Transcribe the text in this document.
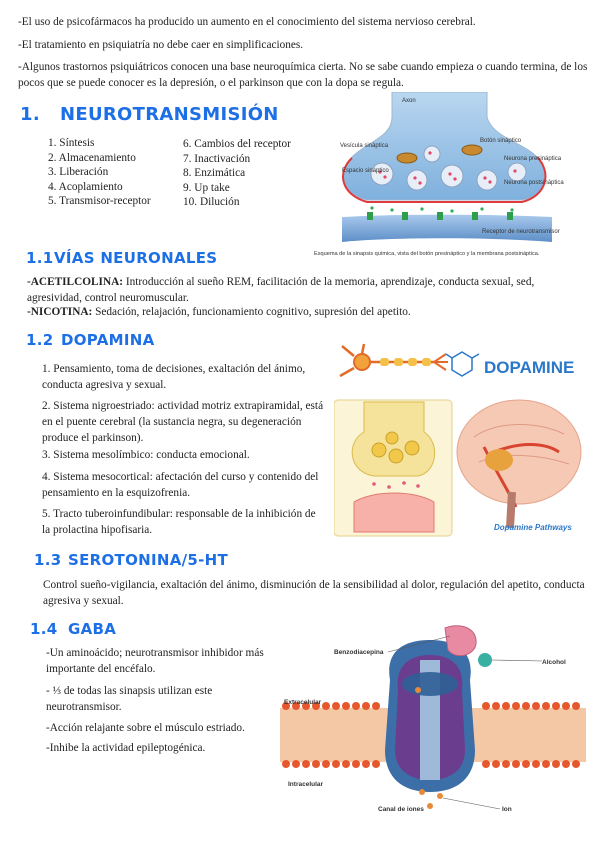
-El uso de psicofármacos ha producido un aumento en el conocimiento del sistema nervioso cerebral.
-El tratamiento en psiquiatría no debe caer en simplificaciones.
-Algunos trastornos psiquiátricos conocen una base neuroquímica cierta. No se sabe cuando empieza o cuando termina, de los pocos que se puede conocer es la depresión, o el parkinson que con la dopa se regula.
1. NEUROTRANSMISIÓN
1. Síntesis
2. Almacenamiento
3. Liberación
4. Acoplamiento
5. Transmisor-receptor
6. Cambios del receptor
7. Inactivación
8. Enzimática
9. Up take
10. Dilución
Axon
Vesícula sináptica
Botón sináptico
Neurona presináptica
Espacio sináptico
Neurona postsináptica
Receptor de neurotransmisor
Esquema de la sinapsis química, vista del botón presináptico y la membrana postsináptica.
1.1 VÍAS NEURONALES
-ACETILCOLINA: Introducción al sueño REM, facilitación de la memoria, aprendizaje, conducta sexual, sed, agresividad, control neuromuscular.
-NICOTINA: Sedación, relajación, funcionamiento cognitivo, supresión del apetito.
1.2 DOPAMINA
1. Pensamiento, toma de decisiones, exaltación del ánimo, conducta agresiva y sexual.
2. Sistema nigroestriado: actividad motriz extrapiramidal, está en el puente cerebral (la sustancia negra, su degeneración produce el parkinson).
3. Sistema mesolímbico: conducta emocional.
4. Sistema mesocortical: afectación del curso y contenido del pensamiento en la esquizofrenia.
5. Tracto tuberoinfundibular: responsable de la inhibición de la prolactina hipofisaria.
DOPAMINE
Dopamine Pathways
1.3 SEROTONINA/5-HT
Control sueño-vigilancia, exaltación del ánimo, disminución de la sensibilidad al dolor, regulación del apetito, conducta agresiva y sexual.
1.4 GABA
-Un aminoácido; neurotransmisor inhibidor más importante del encéfalo.
- ⅓ de todas las sinapsis utilizan este neurotransmisor.
-Acción relajante sobre el músculo estriado.
-Inhibe la actividad epileptogénica.
Benzodiacepina
Alcohol
Extracelular
Intracelular
Canal de iones	Ion
